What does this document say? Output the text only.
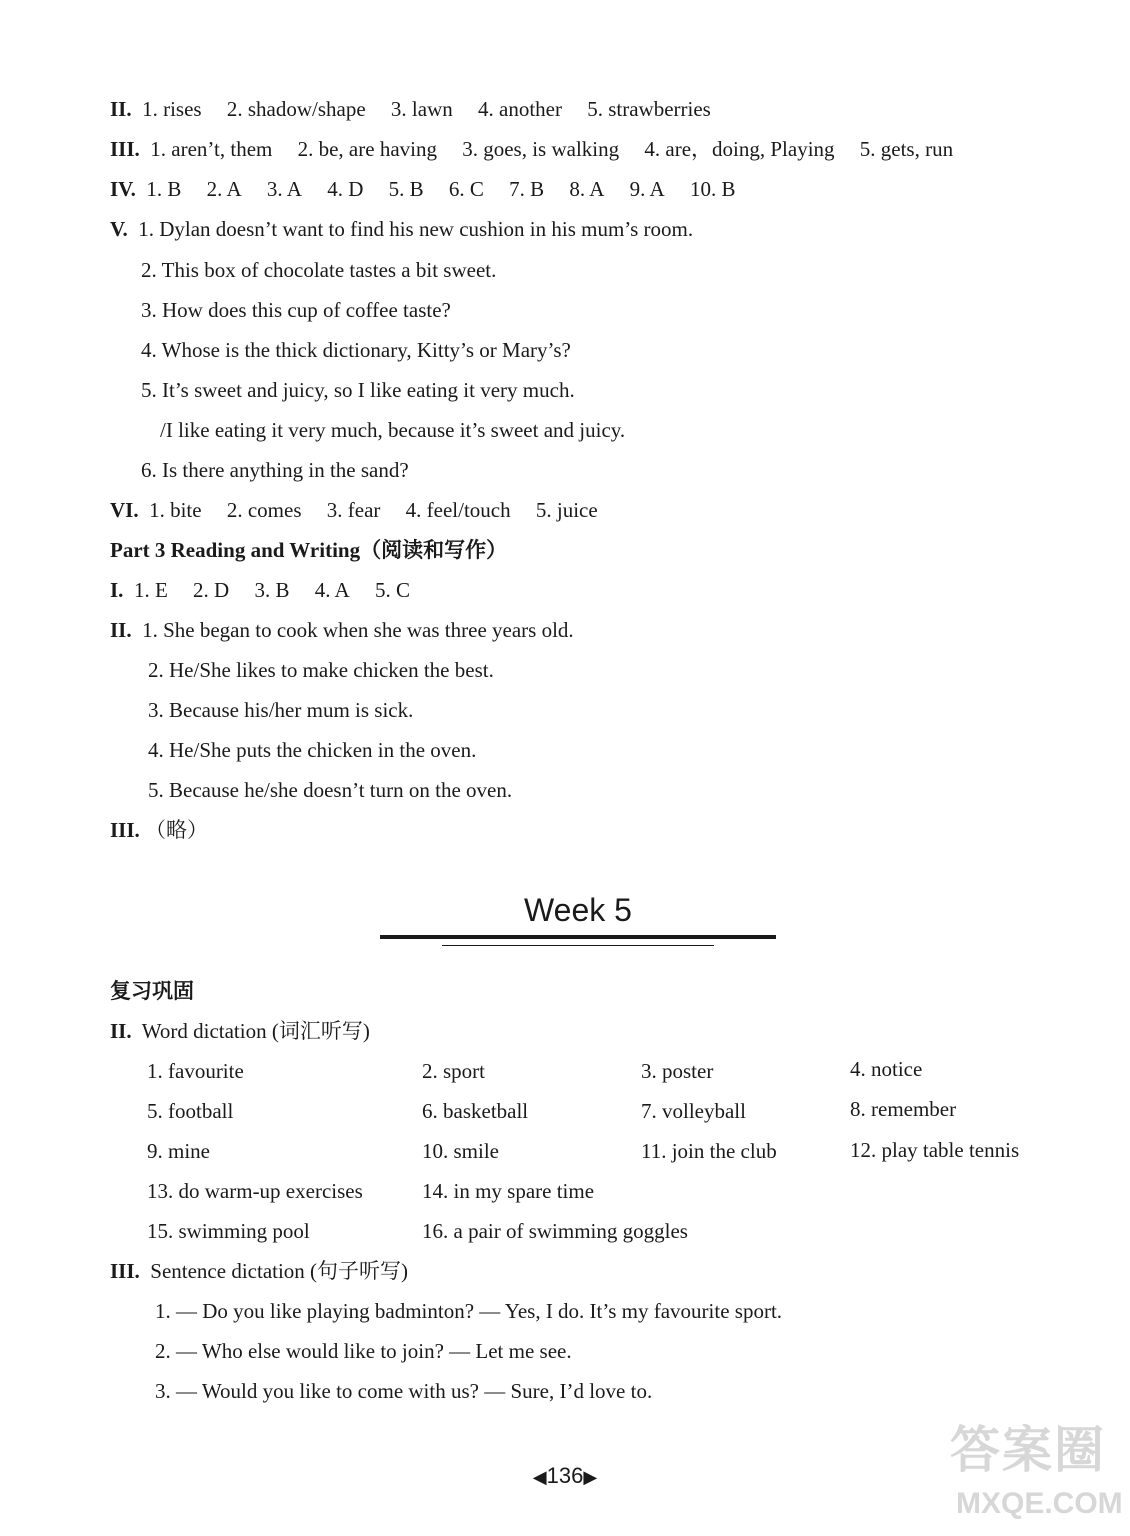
II. 1. rises 2. shadow/shape 3. lawn 4. another 5. strawberries
III. 1. aren’t, them 2. be, are having 3. goes, is walking 4. are，doing, Playing 5. gets, run
IV. 1. B 2. A 3. A 4. D 5. B 6. C 7. B 8. A 9. A 10. B
V. 1. Dylan doesn’t want to find his new cushion in his mum’s room.
2. This box of chocolate tastes a bit sweet.
3. How does this cup of coffee taste?
4. Whose is the thick dictionary, Kitty’s or Mary’s?
5. It’s sweet and juicy, so I like eating it very much.
/I like eating it very much, because it’s sweet and juicy.
6. Is there anything in the sand?
VI. 1. bite 2. comes 3. fear 4. feel/touch 5. juice
Part 3 Reading and Writing（阅读和写作）
I. 1. E 2. D 3. B 4. A 5. C
II. 1. She began to cook when she was three years old.
2. He/She likes to make chicken the best.
3. Because his/her mum is sick.
4. He/She puts the chicken in the oven.
5. Because he/she doesn’t turn on the oven.
III. （略）
Week 5
复习巩固
II. Word dictation (词汇听写)
1. favourite	2. sport	3. poster	4. notice
5. football	6. basketball	7. volleyball	8. remember
9. mine	10. smile	11. join the club	12. play table tennis
13. do warm-up exercises	14. in my spare time
15. swimming pool	16. a pair of swimming goggles
III. Sentence dictation (句子听写)
1. — Do you like playing badminton? — Yes, I do. It’s my favourite sport.
2. — Who else would like to join? — Let me see.
3. — Would you like to come with us? — Sure, I’d love to.
◀136▶	答案圈
MXQE.COM
